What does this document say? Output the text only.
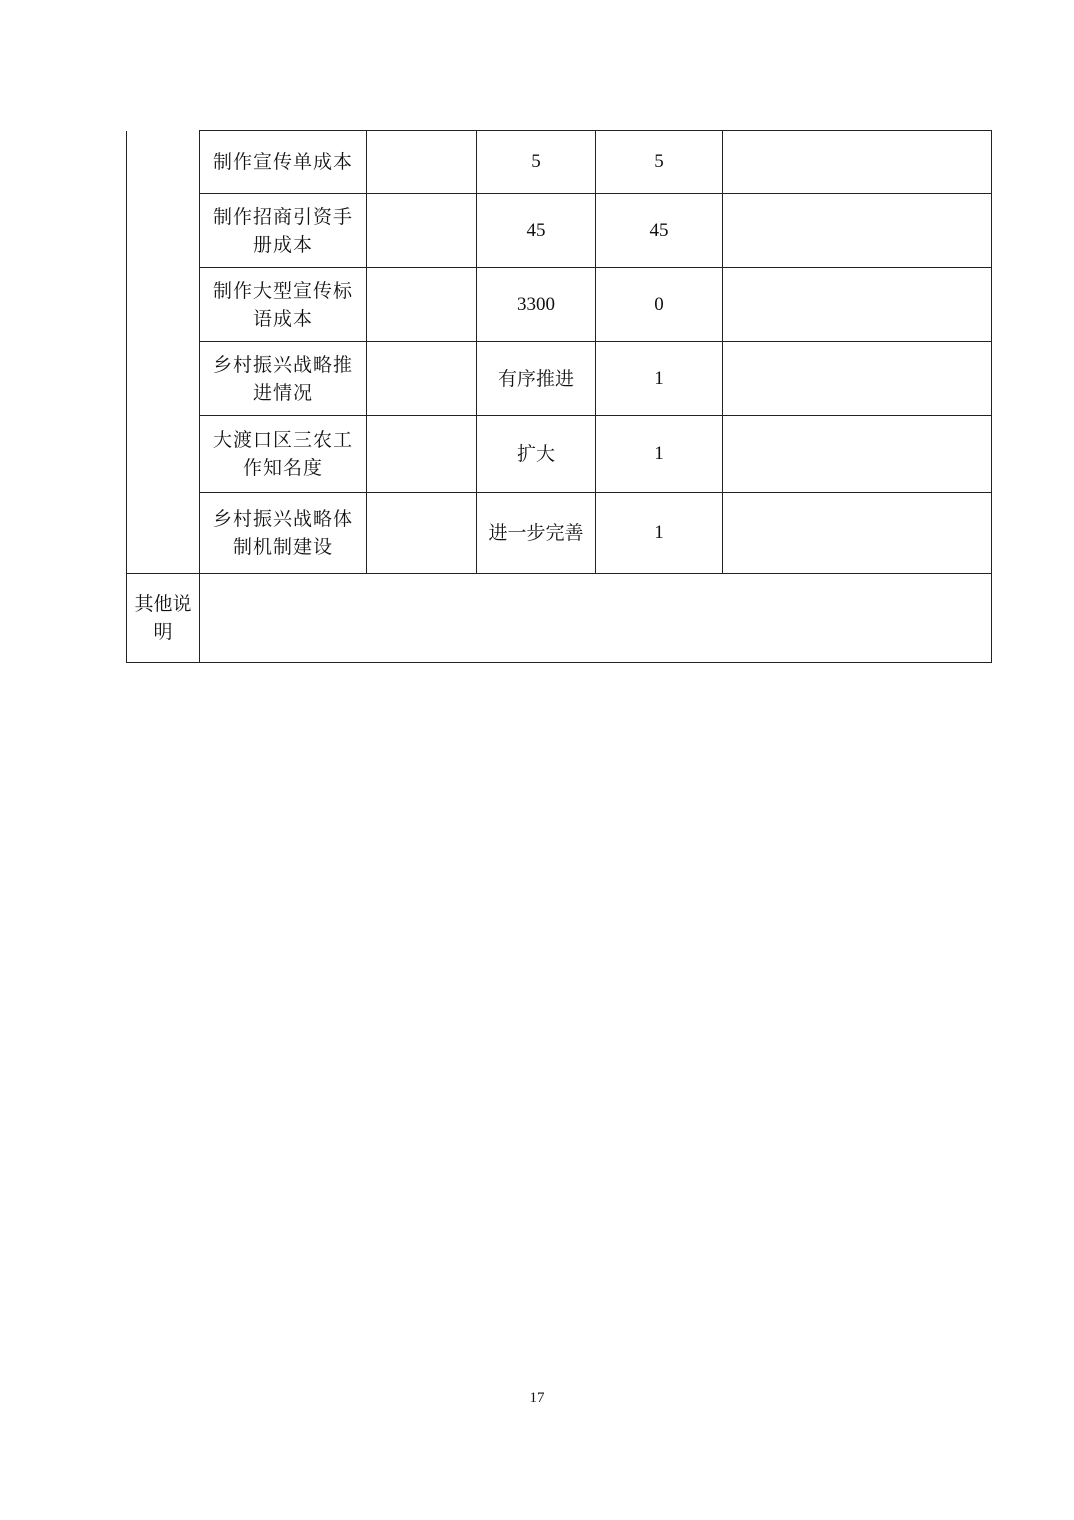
	制作宣传单成本		5	5	
	制作招商引资手册成本		45	45	
	制作大型宣传标语成本		3300	0	
	乡村振兴战略推进情况		有序推进	1	
	大渡口区三农工作知名度		扩大	1	
	乡村振兴战略体制机制建设		进一步完善	1	
其他说明					
17
